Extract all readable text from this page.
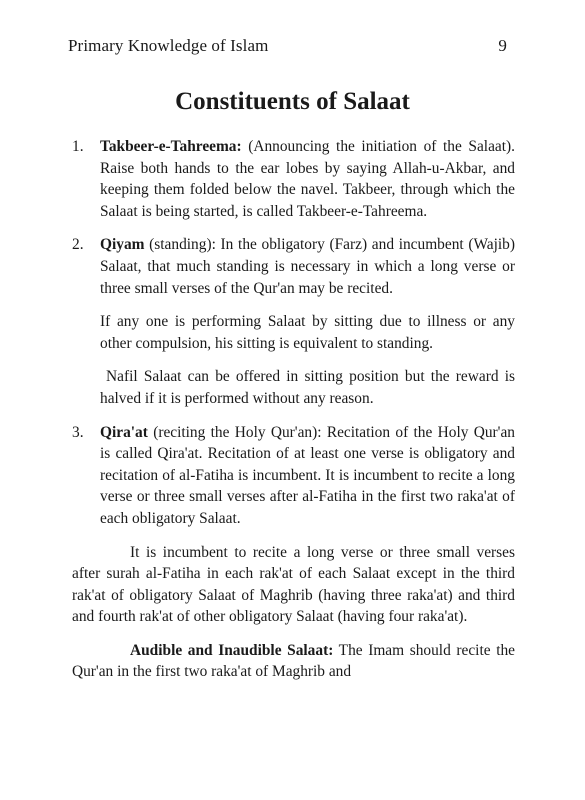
Primary Knowledge of Islam	9
Constituents of Salaat
1. Takbeer-e-Tahreema: (Announcing the initiation of the Salaat). Raise both hands to the ear lobes by saying Allah-u-Akbar, and keeping them folded below the navel. Takbeer, through which the Salaat is being started, is called Takbeer-e-Tahreema.
2. Qiyam (standing): In the obligatory (Farz) and incumbent (Wajib) Salaat, that much standing is necessary in which a long verse or three small verses of the Qur'an may be recited.

If any one is performing Salaat by sitting due to illness or any other compulsion, his sitting is equivalent to standing.

Nafil Salaat can be offered in sitting position but the reward is halved if it is performed without any reason.

3. Qira'at (reciting the Holy Qur'an): Recitation of the Holy Qur'an is called Qira'at. Recitation of at least one verse is obligatory and recitation of al-Fatiha is incumbent. It is incumbent to recite a long verse or three small verses after al-Fatiha in the first two raka'at of each obligatory Salaat.

It is incumbent to recite a long verse or three small verses after surah al-Fatiha in each rak'at of each Salaat except in the third rak'at of obligatory Salaat of Maghrib (having three raka'at) and third and fourth rak'at of other obligatory Salaat (having four raka'at).

Audible and Inaudible Salaat: The Imam should recite the Qur'an in the first two raka'at of Maghrib and
